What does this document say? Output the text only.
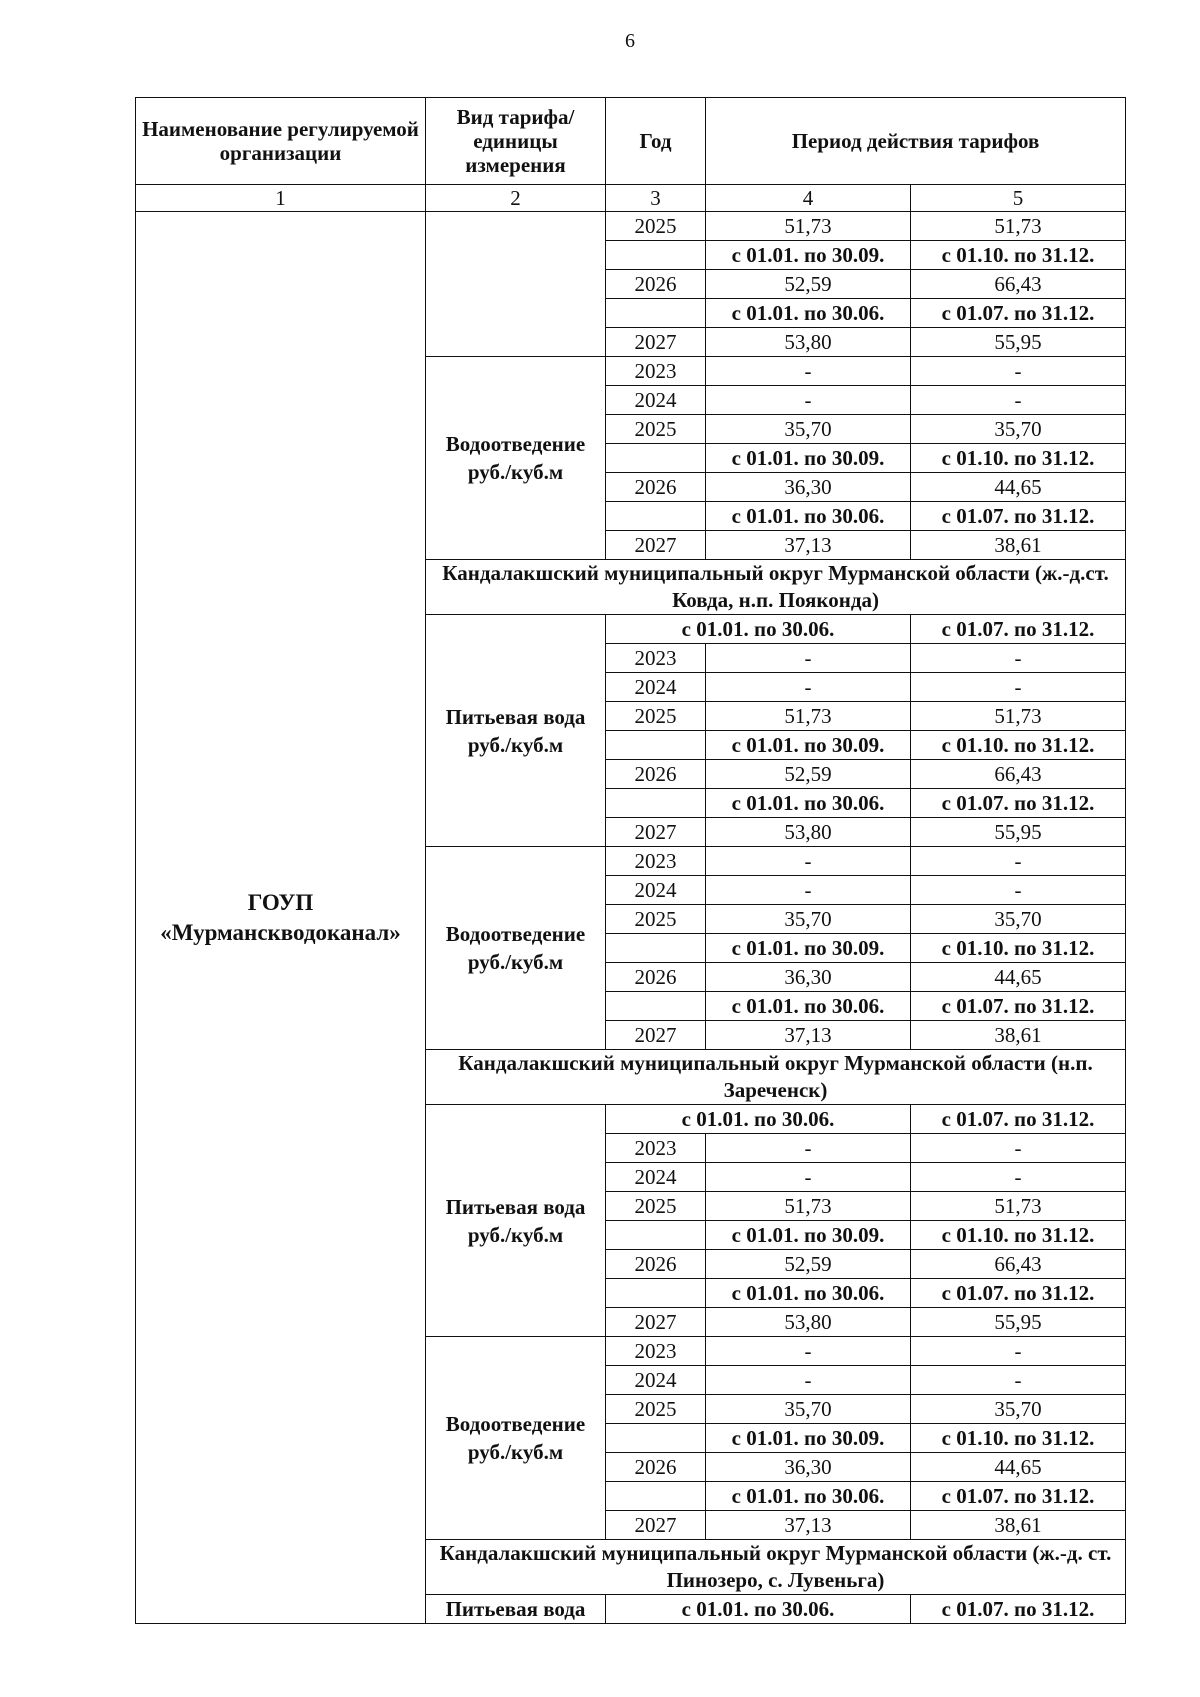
6
Наименование регулируемой организации	Вид тарифа/ единицы измерения	Год	Период действия тарифов	
1	2	3	4	5
ГОУП «Мурманскводоканал»		2025	51,73	51,73
			с 01.01. по 30.09.	с 01.10. по 31.12.
		2026	52,59	66,43
			с 01.01. по 30.06.	с 01.07. по 31.12.
		2027	53,80	55,95
	Водоотведение руб./куб.м	2023	-	-
		2024	-	-
		2025	35,70	35,70
			с 01.01. по 30.09.	с 01.10. по 31.12.
		2026	36,30	44,65
			с 01.01. по 30.06.	с 01.07. по 31.12.
		2027	37,13	38,61
	Кандалакшский муниципальный округ Мурманской области (ж.-д.ст. Ковда, н.п. Пояконда)			

	Питьевая вода руб./куб.м	с 01.01. по 30.06.		с 01.07. по 31.12.
		2023	-	-
		2024	-	-
		2025	51,73	51,73
			с 01.01. по 30.09.	с 01.10. по 31.12.
		2026	52,59	66,43
			с 01.01. по 30.06.	с 01.07. по 31.12.
		2027	53,80	55,95
	Водоотведение руб./куб.м	2023	-	-
		2024	-	-
		2025	35,70	35,70
			с 01.01. по 30.09.	с 01.10. по 31.12.
		2026	36,30	44,65
			с 01.01. по 30.06.	с 01.07. по 31.12.
		2027	37,13	38,61
	Кандалакшский муниципальный округ Мурманской области (н.п. Зареченск)			

	Питьевая вода руб./куб.м	с 01.01. по 30.06.		с 01.07. по 31.12.
		2023	-	-
		2024	-	-
		2025	51,73	51,73
			с 01.01. по 30.09.	с 01.10. по 31.12.
		2026	52,59	66,43
			с 01.01. по 30.06.	с 01.07. по 31.12.
		2027	53,80	55,95
	Водоотведение руб./куб.м	2023	-	-
		2024	-	-
		2025	35,70	35,70
			с 01.01. по 30.09.	с 01.10. по 31.12.
		2026	36,30	44,65
			с 01.01. по 30.06.	с 01.07. по 31.12.
		2027	37,13	38,61
	Кандалакшский муниципальный округ Мурманской области (ж.-д. ст. Пинозеро, с. Лувеньга)			

	Питьевая вода	с 01.01. по 30.06.		с 01.07. по 31.12.
